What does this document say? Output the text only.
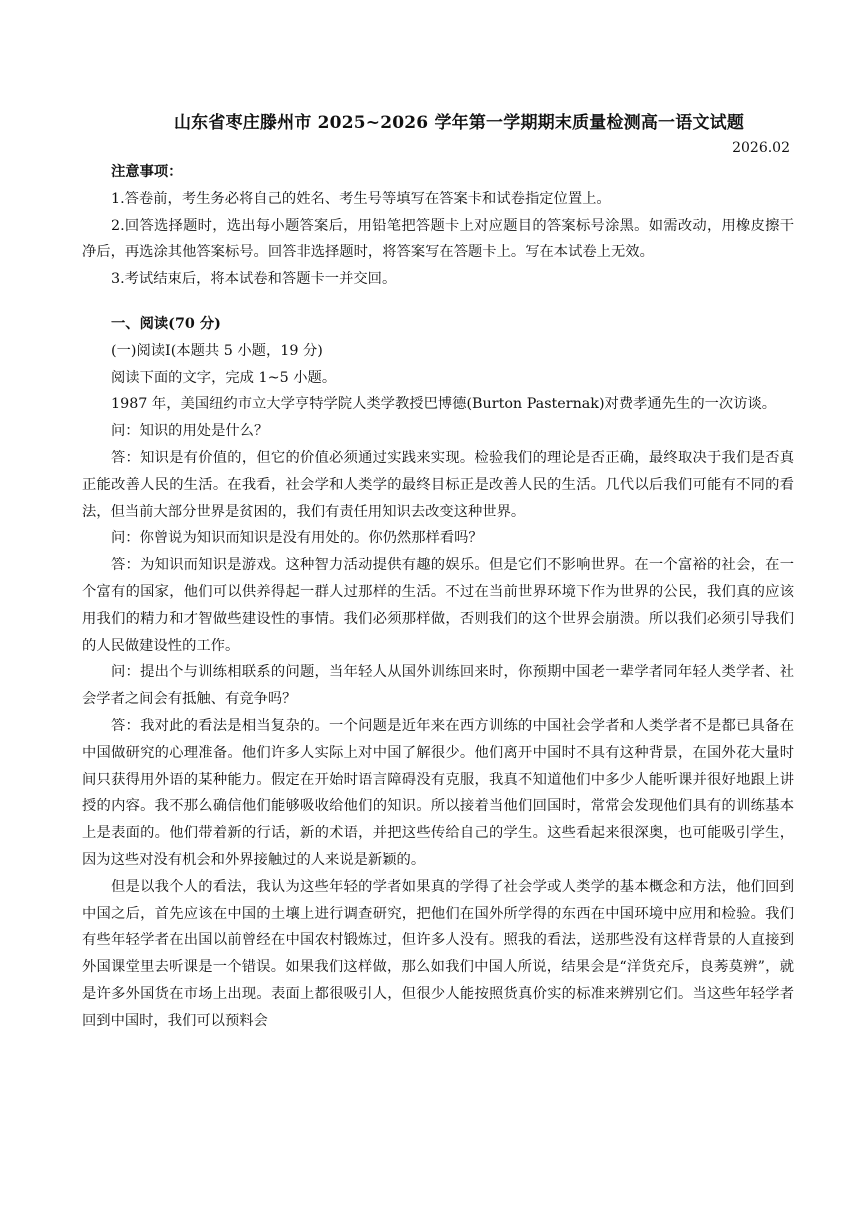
山东省枣庄滕州市 2025~2026 学年第一学期期末质量检测高一语文试题
2026.02

注意事项：

1.答卷前，考生务必将自己的姓名、考生号等填写在答案卡和试卷指定位置上。

2.回答选择题时，选出每小题答案后，用铅笔把答题卡上对应题目的答案标号涂黑。如需改动，用橡皮擦干净后，再选涂其他答案标号。回答非选择题时，将答案写在答题卡上。写在本试卷上无效。

3.考试结束后，将本试卷和答题卡一并交回。

一、阅读(70 分)

(一)阅读Ⅰ(本题共 5 小题，19 分)

阅读下面的文字，完成 1~5 小题。

1987 年，美国纽约市立大学亨特学院人类学教授巴博德(Burton Pasternak)对费孝通先生的一次访谈。

问：知识的用处是什么？

答：知识是有价值的，但它的价值必须通过实践来实现。检验我们的理论是否正确，最终取决于我们是否真正能改善人民的生活。在我看，社会学和人类学的最终目标正是改善人民的生活。几代以后我们可能有不同的看法，但当前大部分世界是贫困的，我们有责任用知识去改变这种世界。

问：你曾说为知识而知识是没有用处的。你仍然那样看吗？

答：为知识而知识是游戏。这种智力活动提供有趣的娱乐。但是它们不影响世界。在一个富裕的社会，在一个富有的国家，他们可以供养得起一群人过那样的生活。不过在当前世界环境下作为世界的公民，我们真的应该用我们的精力和才智做些建设性的事情。我们必须那样做，否则我们的这个世界会崩溃。所以我们必须引导我们的人民做建设性的工作。

问：提出个与训练相联系的问题，当年轻人从国外训练回来时，你预期中国老一辈学者同年轻人类学者、社会学者之间会有抵触、有竞争吗？

答：我对此的看法是相当复杂的。一个问题是近年来在西方训练的中国社会学者和人类学者不是都已具备在中国做研究的心理准备。他们许多人实际上对中国了解很少。他们离开中国时不具有这种背景，在国外花大量时间只获得用外语的某种能力。假定在开始时语言障碍没有克服，我真不知道他们中多少人能听课并很好地跟上讲授的内容。我不那么确信他们能够吸收给他们的知识。所以接着当他们回国时，常常会发现他们具有的训练基本上是表面的。他们带着新的行话，新的术语，并把这些传给自己的学生。这些看起来很深奥，也可能吸引学生，因为这些对没有机会和外界接触过的人来说是新颖的。

但是以我个人的看法，我认为这些年轻的学者如果真的学得了社会学或人类学的基本概念和方法，他们回到中国之后，首先应该在中国的土壤上进行调查研究，把他们在国外所学得的东西在中国环境中应用和检验。我们有些年轻学者在出国以前曾经在中国农村锻炼过，但许多人没有。照我的看法，送那些没有这样背景的人直接到外国课堂里去听课是一个错误。如果我们这样做，那么如我们中国人所说，结果会是“洋货充斥，良莠莫辨”，就是许多外国货在市场上出现。表面上都很吸引人，但很少人能按照货真价实的标准来辨别它们。当这些年轻学者回到中国时，我们可以预料会
